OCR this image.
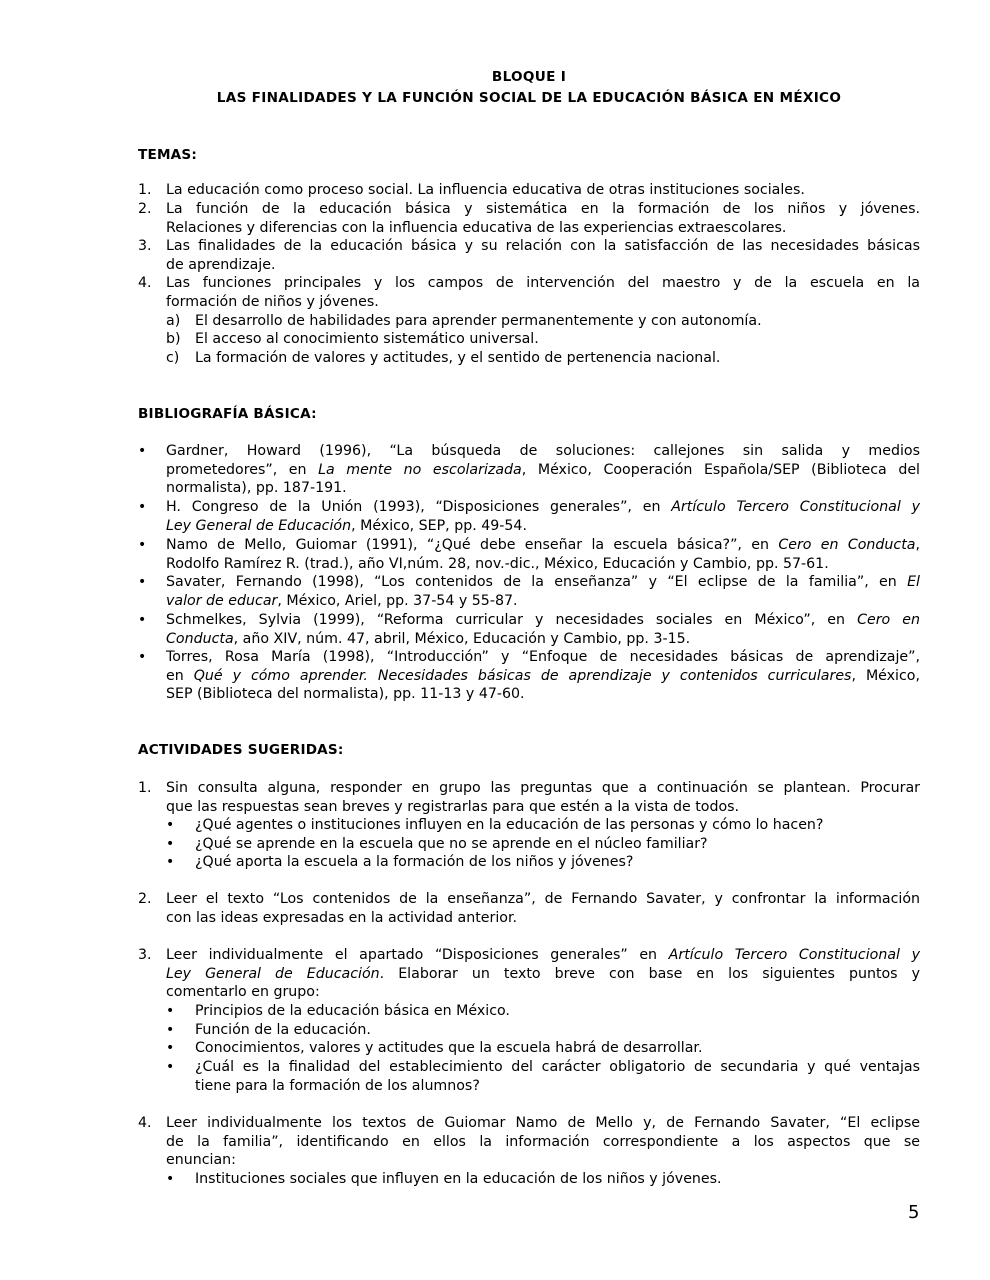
BLOQUE I
LAS FINALIDADES Y LA FUNCIÓN SOCIAL DE LA EDUCACIÓN BÁSICA EN MÉXICO
TEMAS:
1. La educación como proceso social. La influencia educativa de otras instituciones sociales.
2. La función de la educación básica y sistemática en la formación de los niños y jóvenes.
Relaciones y diferencias con la influencia educativa de las experiencias extraescolares.
3. Las finalidades de la educación básica y su relación con la satisfacción de las necesidades básicas
de aprendizaje.
4. Las funciones principales y los campos de intervención del maestro y de la escuela en la
formación de niños y jóvenes.
a) El desarrollo de habilidades para aprender permanentemente y con autonomía.
b) El acceso al conocimiento sistemático universal.
c) La formación de valores y actitudes, y el sentido de pertenencia nacional.
BIBLIOGRAFÍA BÁSICA:
• Gardner, Howard (1996), “La búsqueda de soluciones: callejones sin salida y medios
prometedores”, en La mente no escolarizada, México, Cooperación Española/SEP (Biblioteca del
normalista), pp. 187-191.
• H. Congreso de la Unión (1993), “Disposiciones generales”, en Artículo Tercero Constitucional y
Ley General de Educación, México, SEP, pp. 49-54.
• Namo de Mello, Guiomar (1991), “¿Qué debe enseñar la escuela básica?”, en Cero en Conducta,
Rodolfo Ramírez R. (trad.), año VI,núm. 28, nov.-dic., México, Educación y Cambio, pp. 57-61.
• Savater, Fernando (1998), “Los contenidos de la enseñanza” y “El eclipse de la familia”, en El
valor de educar, México, Ariel, pp. 37-54 y 55-87.
• Schmelkes, Sylvia (1999), “Reforma curricular y necesidades sociales en México”, en Cero en
Conducta, año XIV, núm. 47, abril, México, Educación y Cambio, pp. 3-15.
• Torres, Rosa María (1998), “Introducción” y “Enfoque de necesidades básicas de aprendizaje”,
en Qué y cómo aprender. Necesidades básicas de aprendizaje y contenidos curriculares, México,
SEP (Biblioteca del normalista), pp. 11-13 y 47-60.
ACTIVIDADES SUGERIDAS:
1. Sin consulta alguna, responder en grupo las preguntas que a continuación se plantean. Procurar
que las respuestas sean breves y registrarlas para que estén a la vista de todos.
• ¿Qué agentes o instituciones influyen en la educación de las personas y cómo lo hacen?
• ¿Qué se aprende en la escuela que no se aprende en el núcleo familiar?
• ¿Qué aporta la escuela a la formación de los niños y jóvenes?
2. Leer el texto “Los contenidos de la enseñanza”, de Fernando Savater, y confrontar la información
con las ideas expresadas en la actividad anterior.
3. Leer individualmente el apartado “Disposiciones generales” en Artículo Tercero Constitucional y
Ley General de Educación. Elaborar un texto breve con base en los siguientes puntos y
comentarlo en grupo:
• Principios de la educación básica en México.
• Función de la educación.
• Conocimientos, valores y actitudes que la escuela habrá de desarrollar.
• ¿Cuál es la finalidad del establecimiento del carácter obligatorio de secundaria y qué ventajas
tiene para la formación de los alumnos?
4. Leer individualmente los textos de Guiomar Namo de Mello y, de Fernando Savater, “El eclipse
de la familia”, identificando en ellos la información correspondiente a los aspectos que se
enuncian:
• Instituciones sociales que influyen en la educación de los niños y jóvenes.
5
